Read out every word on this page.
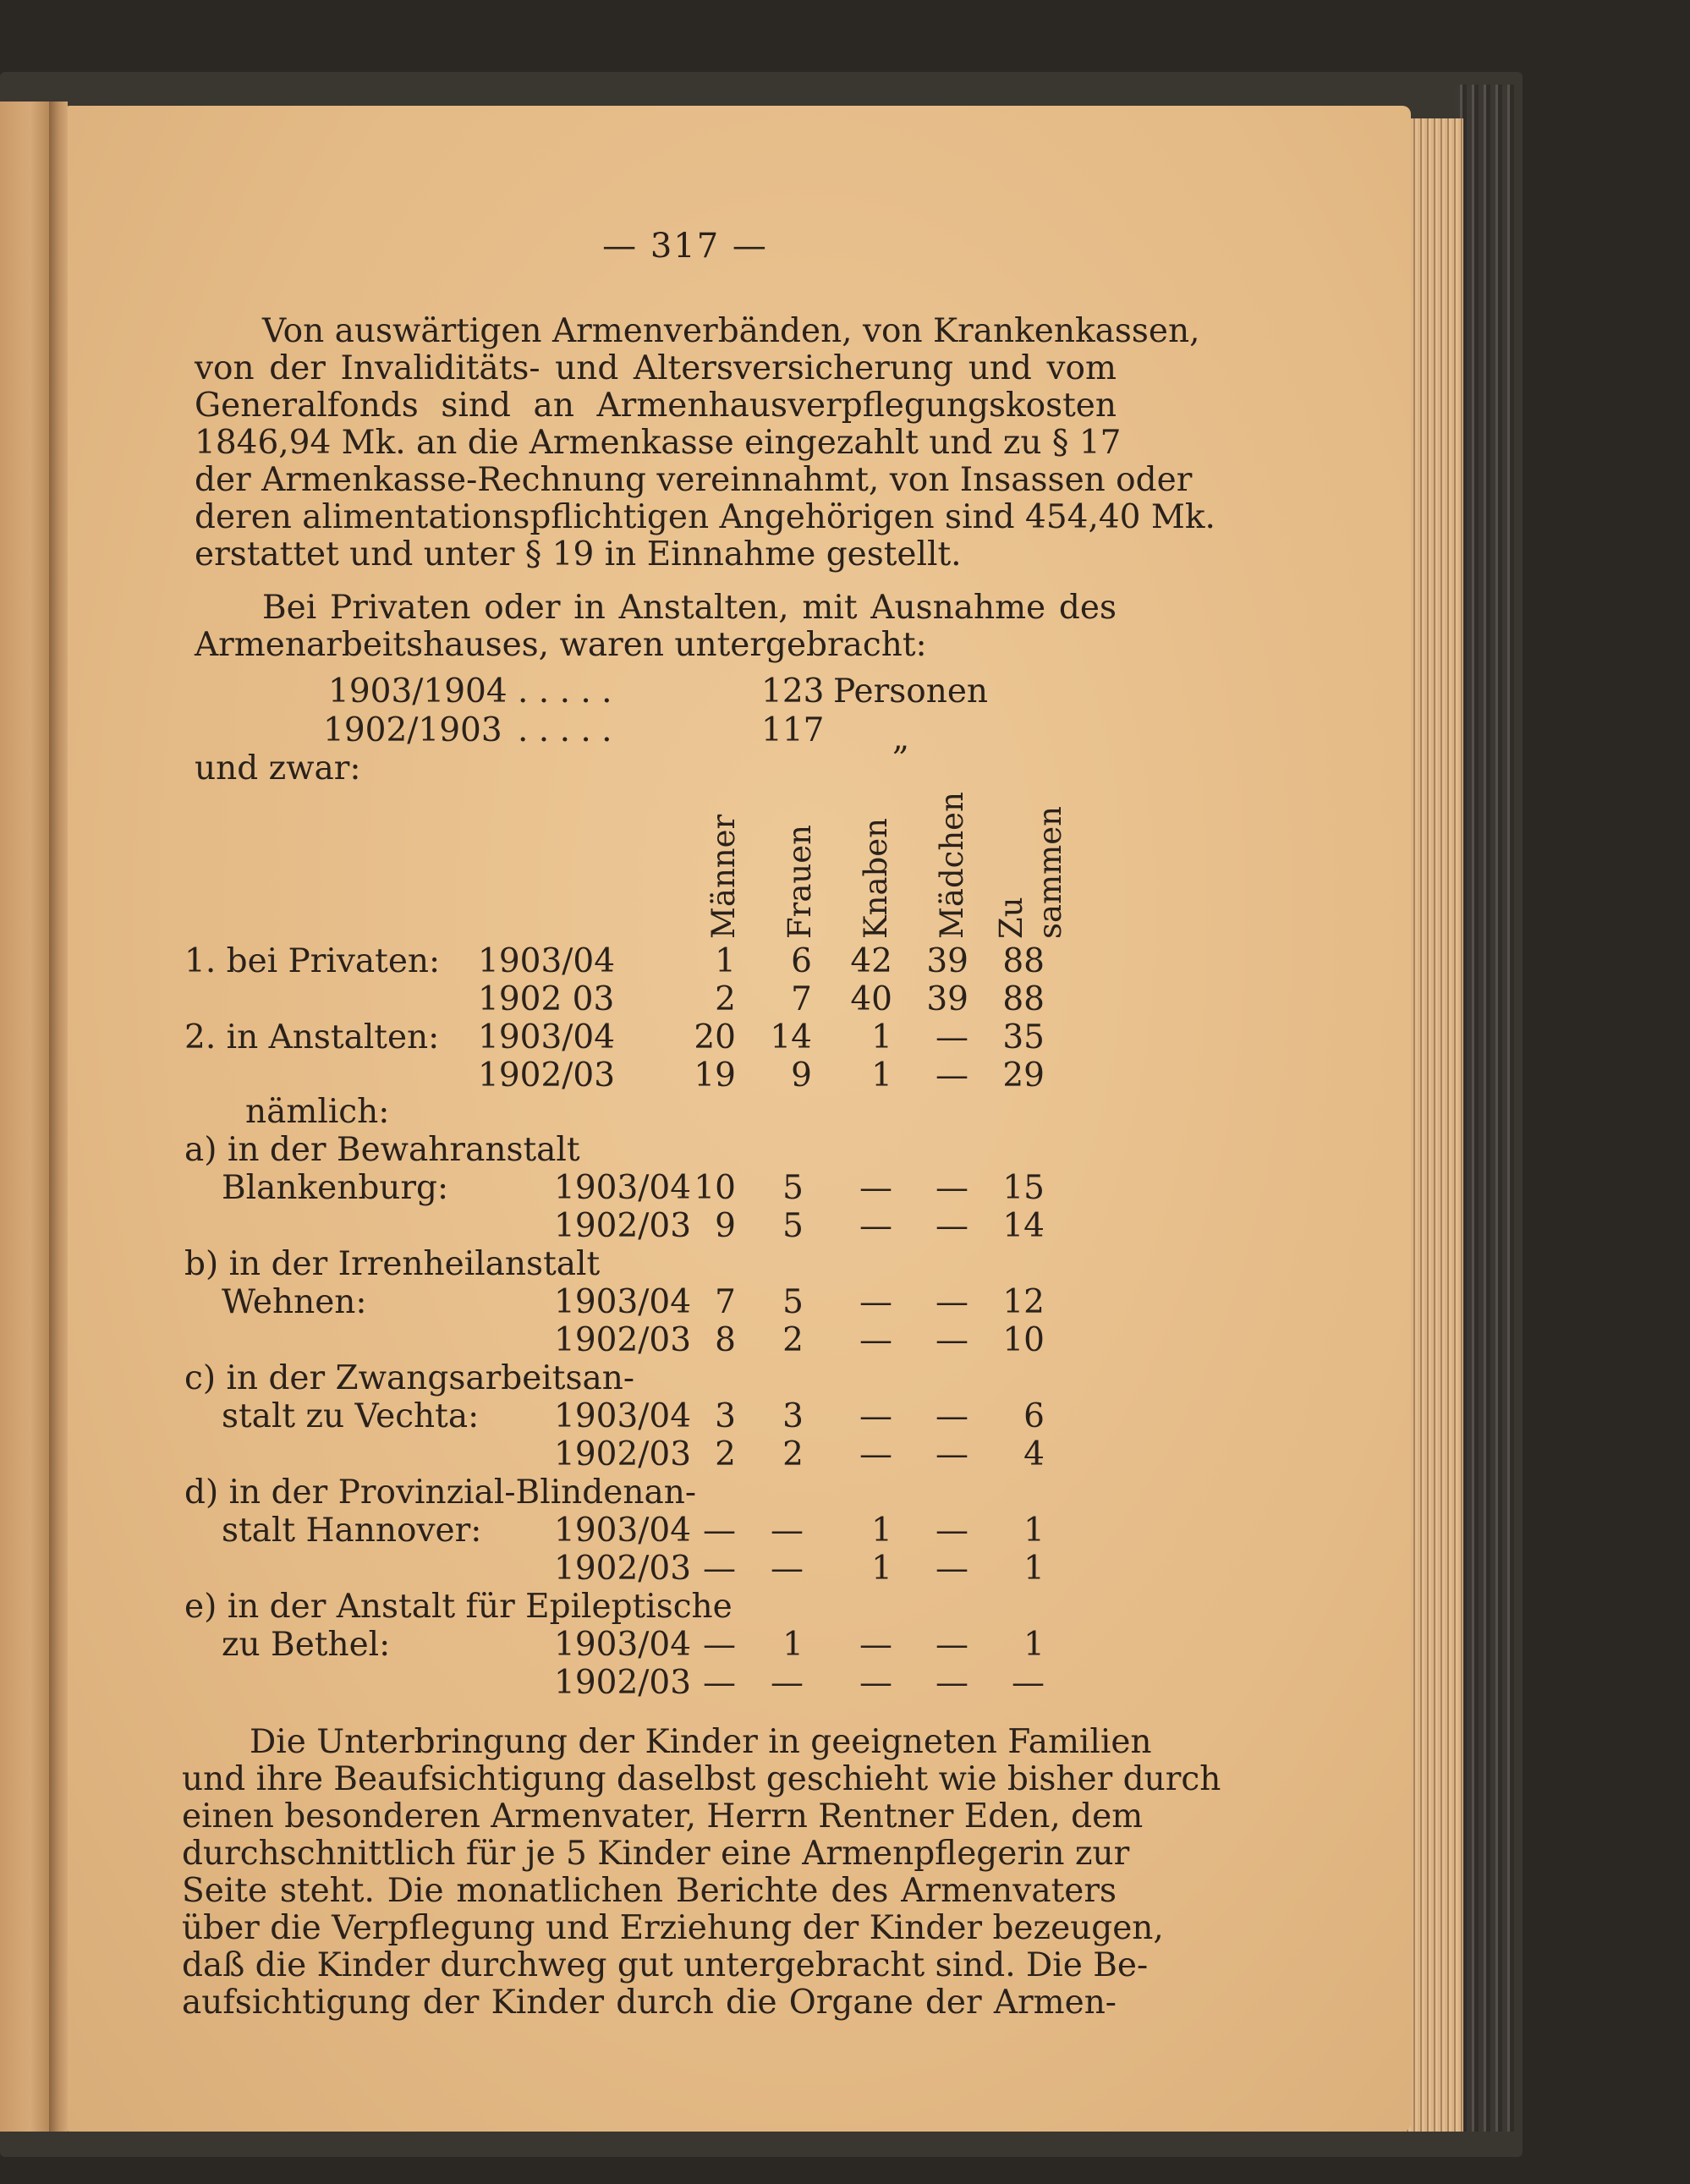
— 317 —
Von auswärtigen Armenverbänden, von Krankenkassen,
von der Invaliditäts- und Altersversicherung und vom
Generalfonds sind an Armenhausverpflegungskosten
1846,94 Mk. an die Armenkasse eingezahlt und zu § 17
der Armenkasse-Rechnung vereinnahmt, von Insassen oder
deren alimentationspflichtigen Angehörigen sind 454,40 Mk.
erstattet und unter § 19 in Einnahme gestellt.
Bei Privaten oder in Anstalten, mit Ausnahme des
Armenarbeitshauses, waren untergebracht:
1903/1904 . . . . .	123 Personen
1902/1903 . . . . .	117 „
und zwar:
Männer Frauen Knaben Mädchen Zu sammen
1. bei Privaten: 1903/04	1	6	42	39	88
1902 03	2	7	40	39	88
2. in Anstalten: 1903/04	20	14	1	—	35
1902/03	19	9	1	—	29
nämlich:
a) in der Bewahranstalt
Blankenburg:	1903/04 10	5	—	—	15
1902/03 9	5	—	—	14
b) in der Irrenheilanstalt
Wehnen:	1903/04 7	5	—	—	12
1902/03 8	2	—	—	10
c) in der Zwangsarbeitsan-
stalt zu Vechta: 1903/04 3	3	—	—	6
1902/03 2	2	—	—	4
d) in der Provinzial-Blindenan-
stalt Hannover: 1903/04 —	—	1	—	1
1902/03 —	—	1	—	1
e) in der Anstalt für Epileptische
zu Bethel:	1903/04 —	1	—	—	1
1902/03 —	—	—	—	—
Die Unterbringung der Kinder in geeigneten Familien
und ihre Beaufsichtigung daselbst geschieht wie bisher durch
einen besonderen Armenvater, Herrn Rentner Eden, dem
durchschnittlich für je 5 Kinder eine Armenpflegerin zur
Seite steht. Die monatlichen Berichte des Armenvaters
über die Verpflegung und Erziehung der Kinder bezeugen,
daß die Kinder durchweg gut untergebracht sind. Die Be-
aufsichtigung der Kinder durch die Organe der Armen-
